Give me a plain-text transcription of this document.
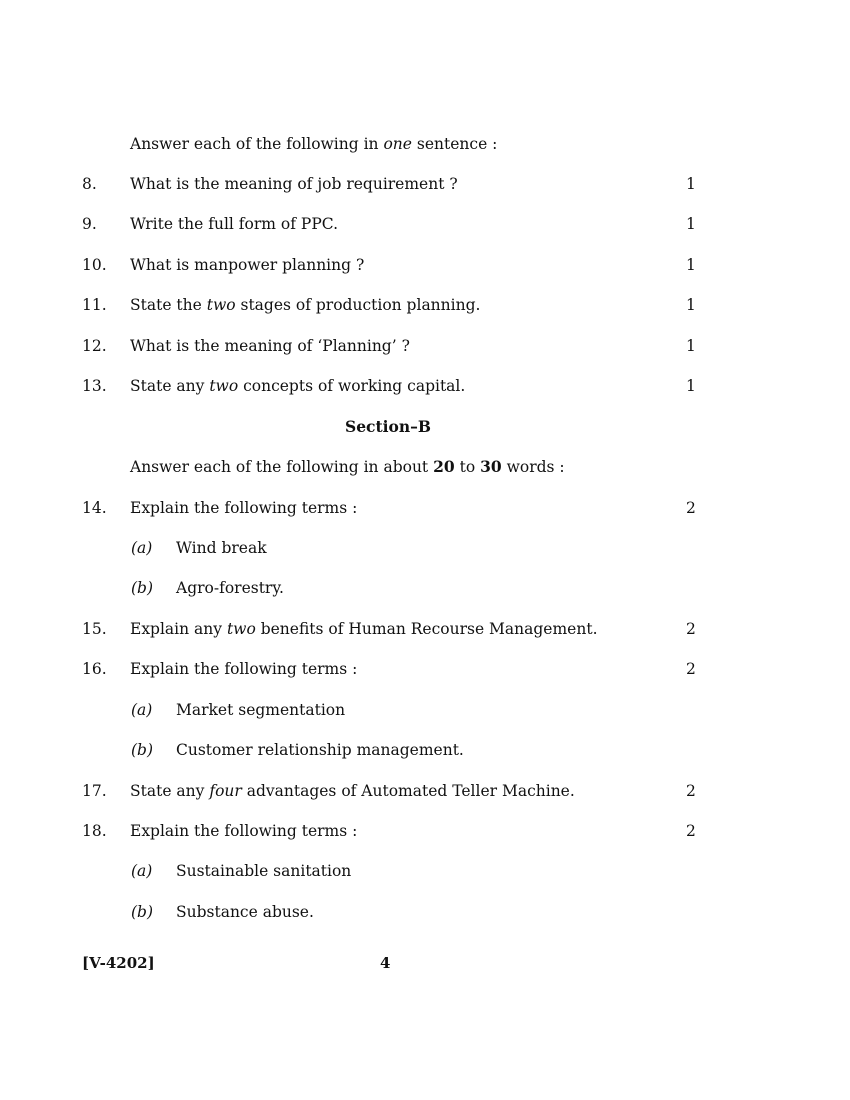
Answer each of the following in one sentence :
8. What is the meaning of job requirement ?	1
9. Write the full form of PPC.	1
10. What is manpower planning ?	1
11. State the two stages of production planning.	1
12. What is the meaning of ‘Planning’ ?	1
13. State any two concepts of working capital.	1
Section–B
Answer each of the following in about 20 to 30 words :
14. Explain the following terms :	2
(a) Wind break
(b) Agro-forestry.
15. Explain any two benefits of Human Recourse Management.	2
16. Explain the following terms :	2
(a) Market segmentation
(b) Customer relationship management.
17. State any four advantages of Automated Teller Machine.	2
18. Explain the following terms :	2
(a) Sustainable sanitation
(b) Substance abuse.
[V-4202]	4
